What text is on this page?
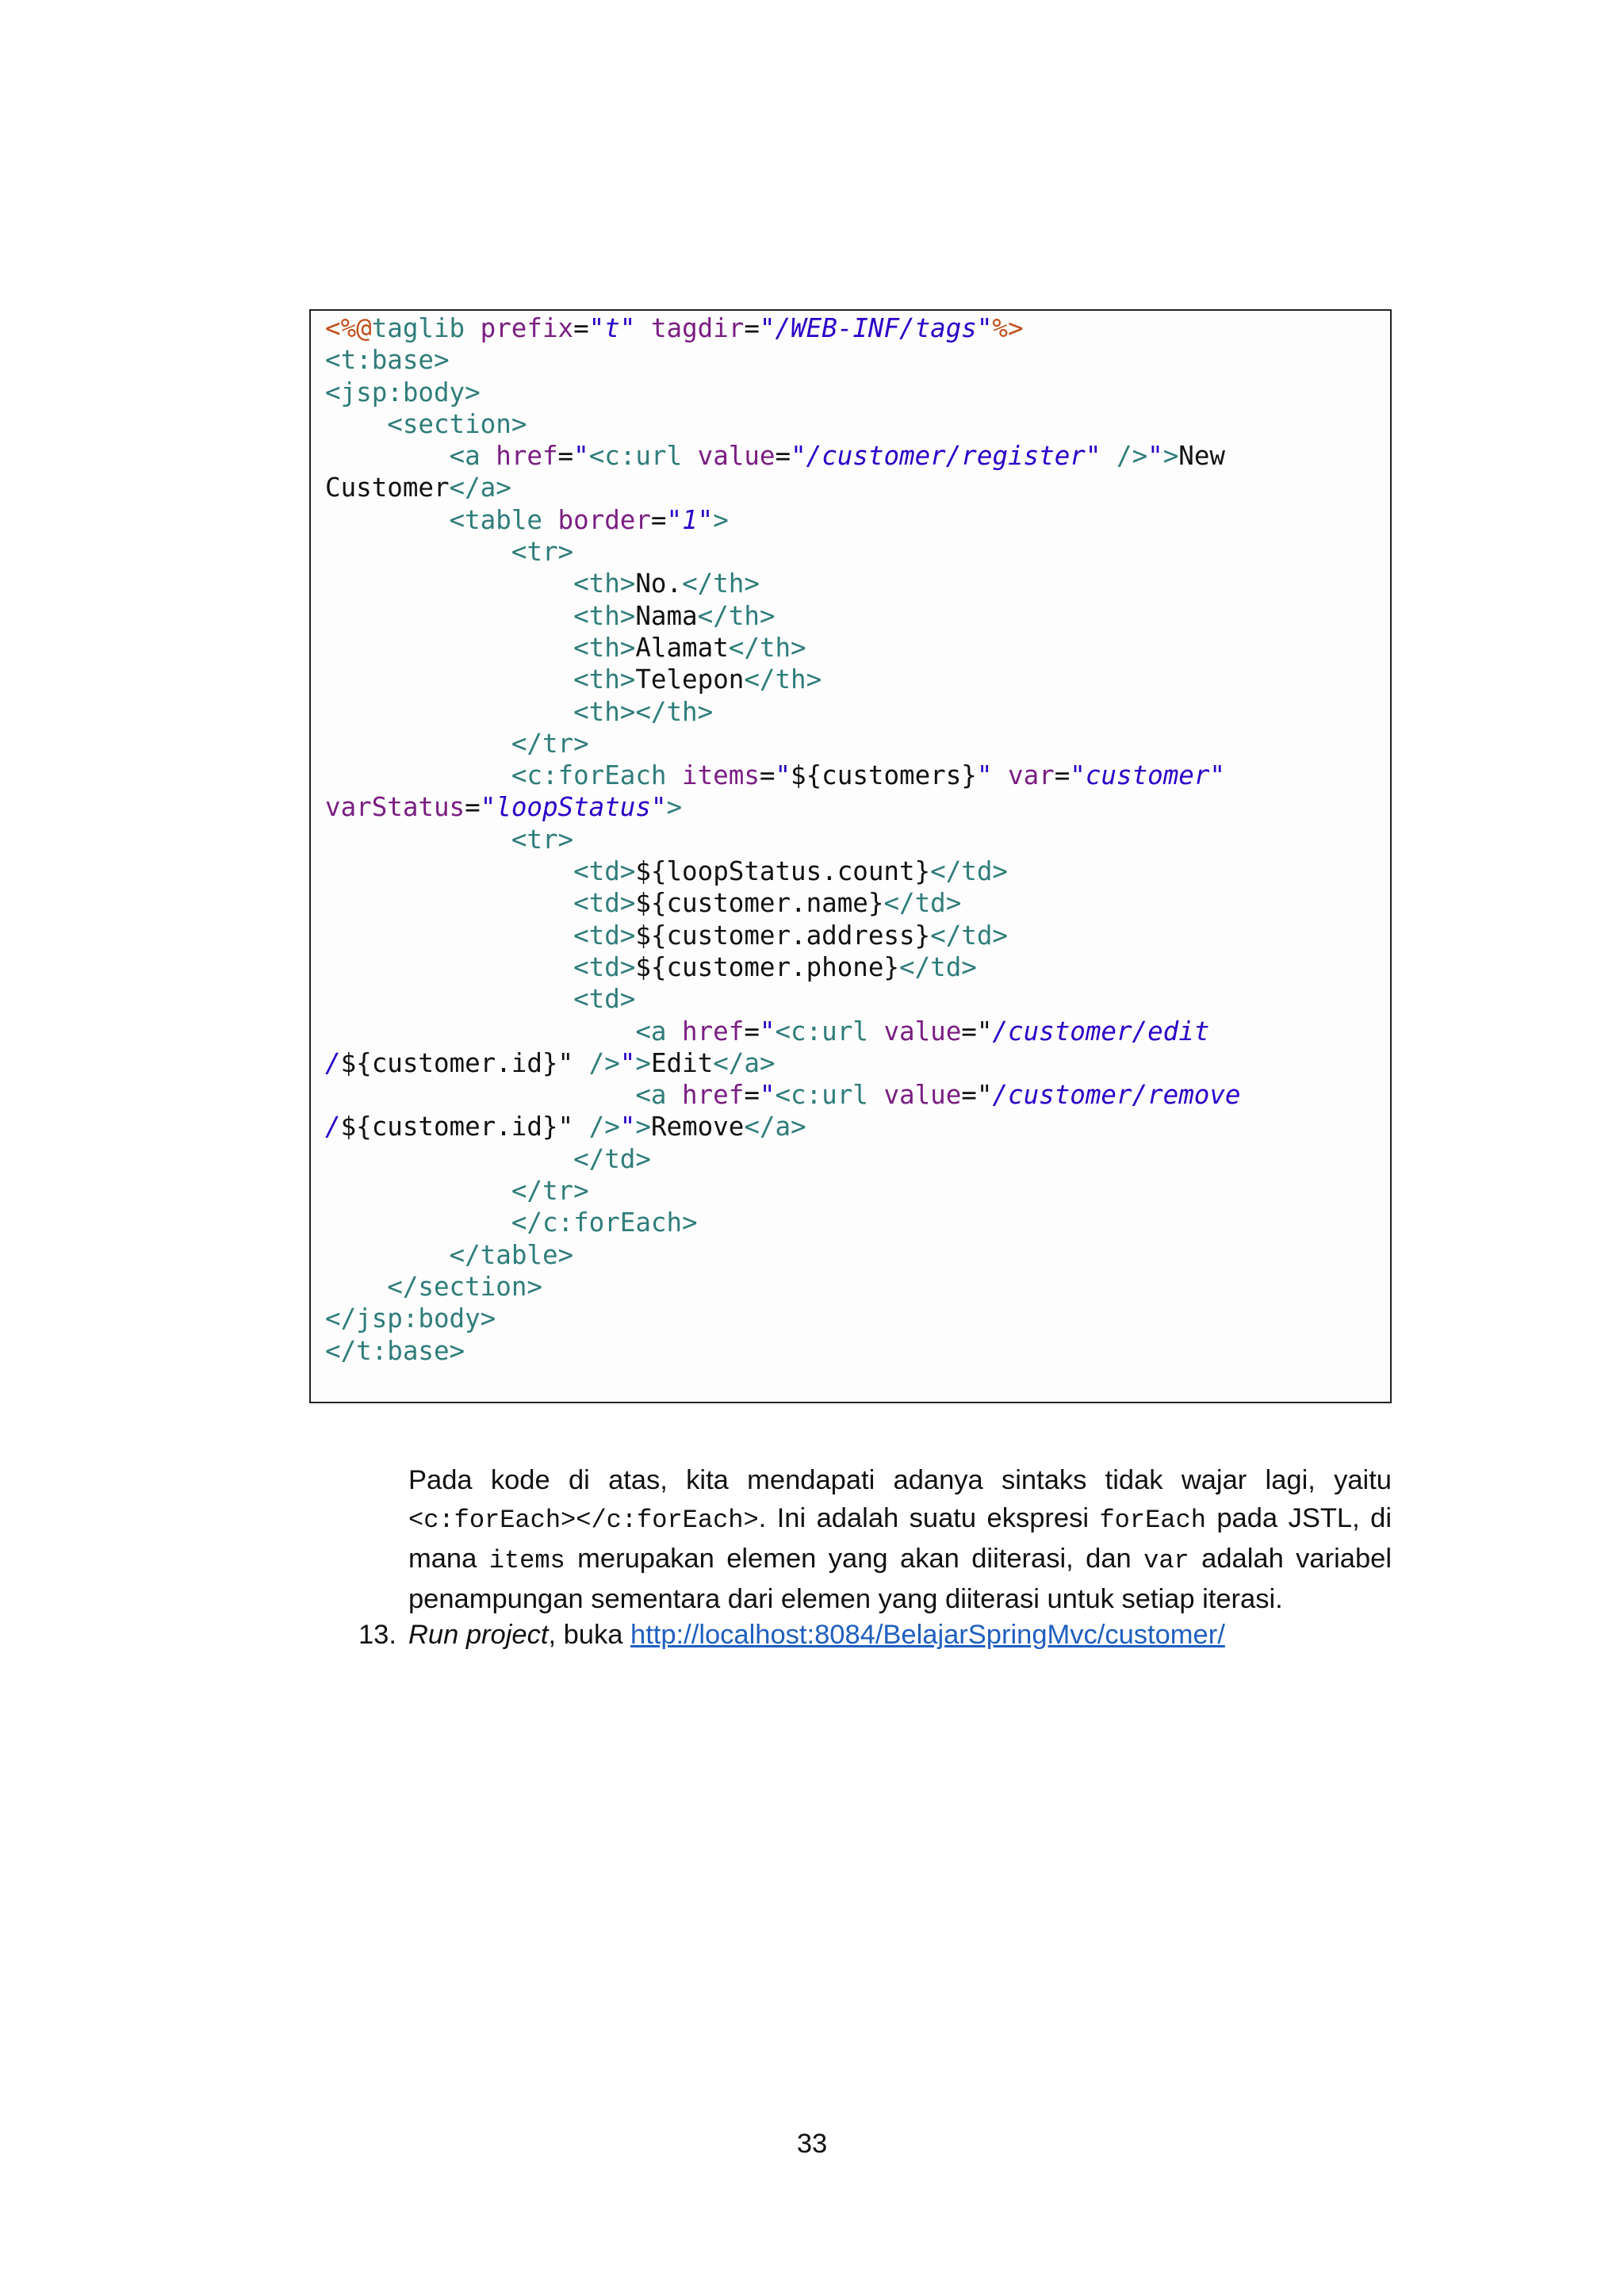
<%@taglib prefix="t" tagdir="/WEB-INF/tags"%>
<t:base>
<jsp:body>
<section>
<a href="<c:url value="/customer/register" />">New
Customer</a>
<table border="1">
<tr>
<th>No.</th>
<th>Nama</th>
<th>Alamat</th>
<th>Telepon</th>
<th></th>
</tr>
<c:forEach items="${customers}" var="customer"
varStatus="loopStatus">
<tr>
<td>${loopStatus.count}</td>
<td>${customer.name}</td>
<td>${customer.address}</td>
<td>${customer.phone}</td>
<td>
<a href="<c:url value="/customer/edit
/${customer.id}" />">Edit</a>
<a href="<c:url value="/customer/remove
/${customer.id}" />">Remove</a>
</td>
</tr>
</c:forEach>
</table>
</section>
</jsp:body>
</t:base>

Pada kode di atas, kita mendapati adanya sintaks tidak wajar lagi, yaitu <c:forEach></c:forEach>. Ini adalah suatu ekspresi forEach pada JSTL, di mana items merupakan elemen yang akan diiterasi, dan var adalah variabel penampungan sementara dari elemen yang diiterasi untuk setiap iterasi.

13. Run project, buka http://localhost:8084/BelajarSpringMvc/customer/
33
